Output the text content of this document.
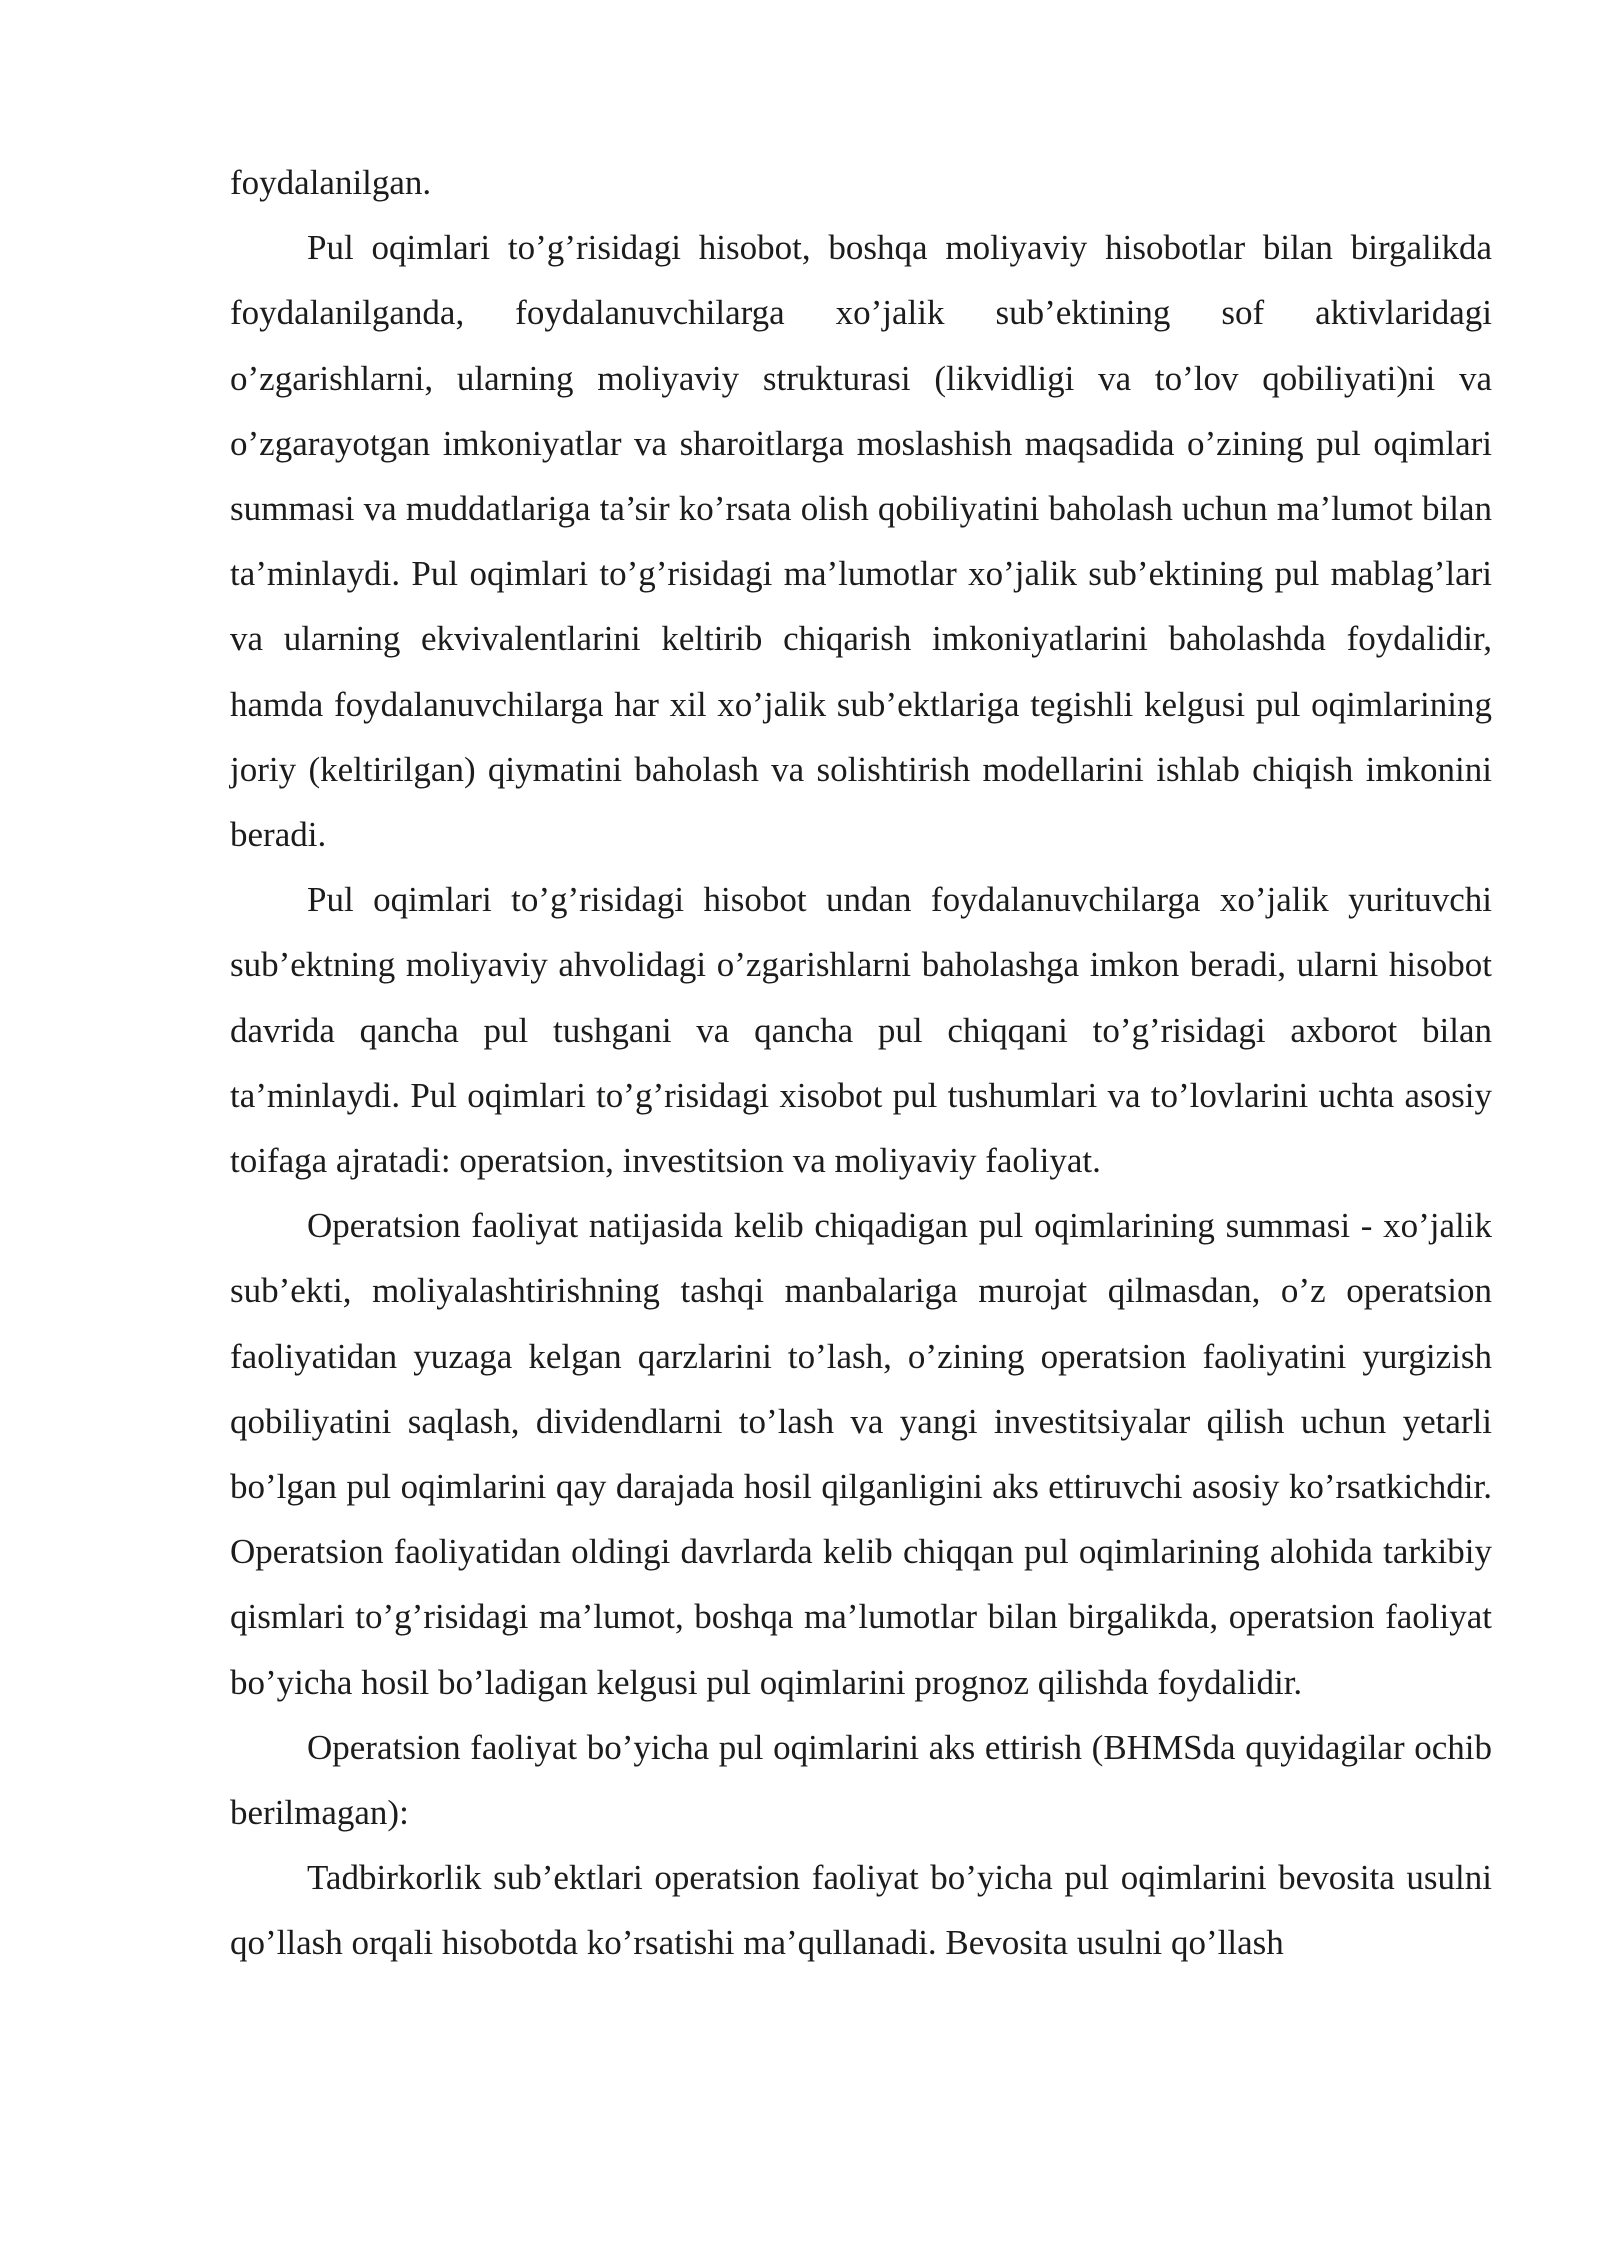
foydalanilgan.

Pul oqimlari to’g’risidagi hisobot, boshqa moliyaviy hisobotlar bilan birgalikda foydalanilganda, foydalanuvchilarga xo’jalik sub’ektining sof aktivlaridagi o’zgarishlarni, ularning moliyaviy strukturasi (likvidligi va to’lov qobiliyati)ni va o’zgarayotgan imkoniyatlar va sharoitlarga moslashish maqsadida o’zining pul oqimlari summasi va muddatlariga ta’sir ko’rsata olish qobiliyatini baholash uchun ma’lumot bilan ta’minlaydi. Pul oqimlari to’g’risidagi ma’lumotlar xo’jalik sub’ektining pul mablag’lari va ularning ekvivalentlarini keltirib chiqarish imkoniyatlarini baholashda foydalidir, hamda foydalanuvchilarga har xil xo’jalik sub’ektlariga tegishli kelgusi pul oqimlarining joriy (keltirilgan) qiymatini baholash va solishtirish modellarini ishlab chiqish imkonini beradi.

Pul oqimlari to’g’risidagi hisobot undan foydalanuvchilarga xo’jalik yurituvchi sub’ektning moliyaviy ahvolidagi o’zgarishlarni baholashga imkon beradi, ularni hisobot davrida qancha pul tushgani va qancha pul chiqqani to’g’risidagi axborot bilan ta’minlaydi. Pul oqimlari to’g’risidagi xisobot pul tushumlari va to’lovlarini uchta asosiy toifaga ajratadi: operatsion, investitsion va moliyaviy faoliyat.

Operatsion faoliyat natijasida kelib chiqadigan pul oqimlarining summasi - xo’jalik sub’ekti, moliyalashtirishning tashqi manbalariga murojat qilmasdan, o’z operatsion faoliyatidan yuzaga kelgan qarzlarini to’lash, o’zining operatsion faoliyatini yurgizish qobiliyatini saqlash, dividendlarni to’lash va yangi investitsiyalar qilish uchun yetarli bo’lgan pul oqimlarini qay darajada hosil qilganligini aks ettiruvchi asosiy ko’rsatkichdir. Operatsion faoliyatidan oldingi davrlarda kelib chiqqan pul oqimlarining alohida tarkibiy qismlari to’g’risidagi ma’lumot, boshqa ma’lumotlar bilan birgalikda, operatsion faoliyat bo’yicha hosil bo’ladigan kelgusi pul oqimlarini prognoz qilishda foydalidir.

Operatsion faoliyat bo’yicha pul oqimlarini aks ettirish (BHMSda quyidagilar ochib berilmagan):

Tadbirkorlik sub’ektlari operatsion faoliyat bo’yicha pul oqimlarini bevosita usulni qo’llash orqali hisobotda ko’rsatishi ma’qullanadi. Bevosita usulni qo’llash
